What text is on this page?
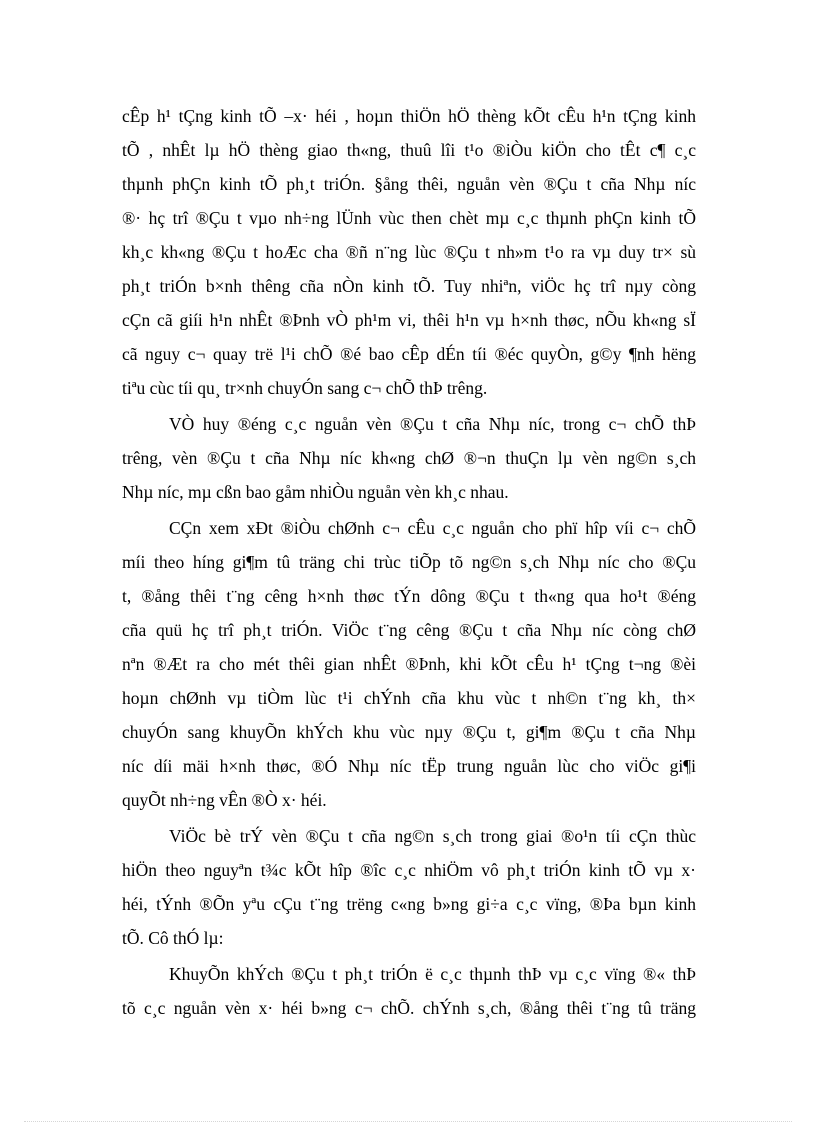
cÊp h¹ tÇng kinh tÕ –x· héi , hoµn thiÖn hÖ thèng kÕt cÊu h¹n tÇng kinh
tÕ , nhÊt lµ hÖ thèng giao th«ng, thuû lîi t¹o ®iÒu kiÖn cho tÊt c¶ c¸c
thµnh phÇn kinh tÕ ph¸t triÓn. §ång thêi, nguån vèn ®Çu t cña Nhµ níc
®· hç trî ®Çu t vµo nh÷ng lÜnh vùc then chèt mµ c¸c thµnh phÇn kinh tÕ
kh¸c kh«ng ®Çu t hoÆc cha ®ñ n¨ng lùc ®Çu t nh»m t¹o ra vµ duy tr× sù
ph¸t triÓn b×nh thêng cña nÒn kinh tÕ. Tuy nhiªn, viÖc hç trî nµy còng
cÇn cã giíi h¹n nhÊt ®Þnh vÒ ph¹m vi, thêi h¹n vµ h×nh thøc, nÕu kh«ng sÏ
cã nguy c¬ quay trë l¹i chÕ ®é bao cÊp dÉn tíi ®éc quyÒn, g©y ¶nh hëng
tiªu cùc tíi qu¸ tr×nh chuyÓn sang c¬ chÕ thÞ trêng.
VÒ huy ®éng c¸c nguån vèn ®Çu t cña Nhµ níc, trong c¬ chÕ thÞ
trêng, vèn ®Çu t cña Nhµ níc kh«ng chØ ®¬n thuÇn lµ vèn ng©n s¸ch
Nhµ níc, mµ cßn bao gåm nhiÒu nguån vèn kh¸c nhau.
CÇn xem xÐt ®iÒu chØnh c¬ cÊu c¸c nguån cho phï hîp víi c¬ chÕ
míi theo híng gi¶m tû träng chi trùc tiÕp tõ ng©n s¸ch Nhµ níc cho ®Çu
t, ®ång thêi t¨ng cêng h×nh thøc tÝn dông ®Çu t th«ng qua ho¹t ®éng
cña quü hç trî ph¸t triÓn. ViÖc t¨ng cêng ®Çu t cña Nhµ níc còng chØ
nªn ®Æt ra cho mét thêi gian nhÊt ®Þnh, khi kÕt cÊu h¹ tÇng t¬ng ®èi
hoµn chØnh vµ tiÒm lùc t¹i chÝnh cña khu vùc t nh©n t¨ng kh¸ th×
chuyÓn sang khuyÕn khÝch khu vùc nµy ®Çu t, gi¶m ®Çu t cña Nhµ
níc díi mäi h×nh thøc, ®Ó Nhµ níc tËp trung nguån lùc cho viÖc gi¶i
quyÕt nh÷ng vÊn ®Ò x· héi.
ViÖc bè trÝ vèn ®Çu t cña ng©n s¸ch trong giai ®o¹n tíi cÇn thùc
hiÖn theo nguyªn t¾c kÕt hîp ®îc c¸c nhiÖm vô ph¸t triÓn kinh tÕ vµ x·
héi, tÝnh ®Õn yªu cÇu t¨ng trëng c«ng b»ng gi÷a c¸c vïng, ®Þa bµn kinh
tÕ. Cô thÓ lµ:
KhuyÕn khÝch ®Çu t ph¸t triÓn ë c¸c thµnh thÞ vµ c¸c vïng ®« thÞ
tõ c¸c nguån vèn x· héi b»ng c¬ chÕ. chÝnh s¸ch, ®ång thêi t¨ng tû träng
